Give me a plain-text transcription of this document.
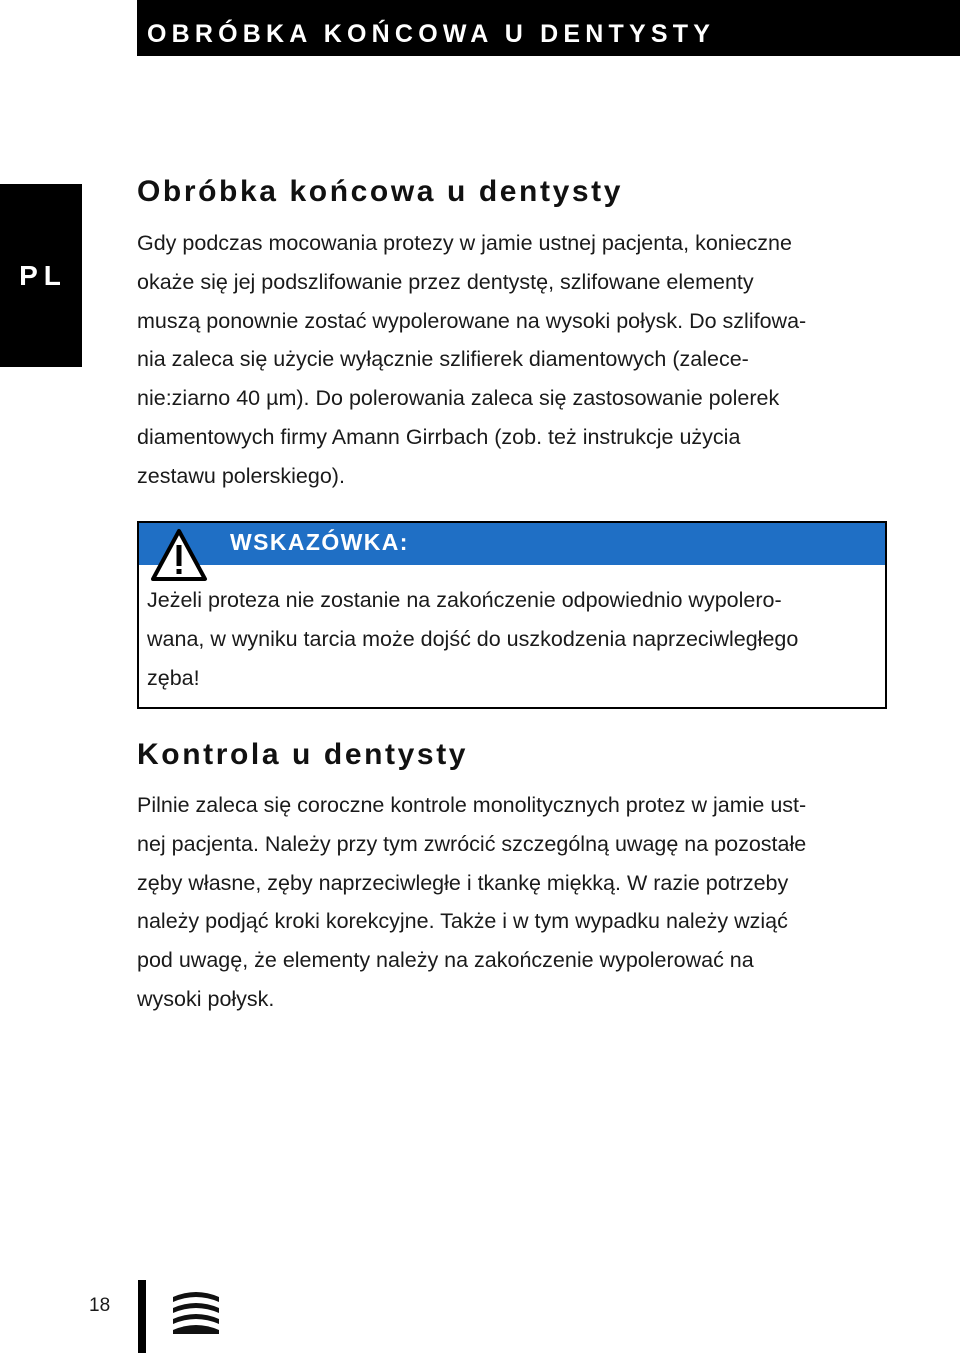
OBRÓBKA KOŃCOWA U DENTYSTY
PL
Obróbka końcowa u dentysty
Gdy podczas mocowania protezy w jamie ustnej pacjenta, konieczne
okaże się jej podszlifowanie przez dentystę, szlifowane elementy
muszą ponownie zostać wypolerowane na wysoki połysk. Do szlifowa-
nia zaleca się użycie wyłącznie szlifierek diamentowych (zalece-
nie:ziarno 40 µm). Do polerowania zaleca się zastosowanie polerek
diamentowych firmy Amann Girrbach (zob. też instrukcje użycia
zestawu polerskiego).
WSKAZÓWKA:
Jeżeli proteza nie zostanie na zakończenie odpowiednio wypolero-
wana, w wyniku tarcia może dojść do uszkodzenia naprzeciwległego
zęba!
Kontrola u dentysty
Pilnie zaleca się coroczne kontrole monolitycznych protez w jamie ust-
nej pacjenta. Należy przy tym zwrócić szczególną uwagę na pozostałe
zęby własne, zęby naprzeciwległe i tkankę miękką. W razie potrzeby
należy podjąć kroki korekcyjne. Także i w tym wypadku należy wziąć
pod uwagę, że elementy należy na zakończenie wypolerować na
wysoki połysk.
18
